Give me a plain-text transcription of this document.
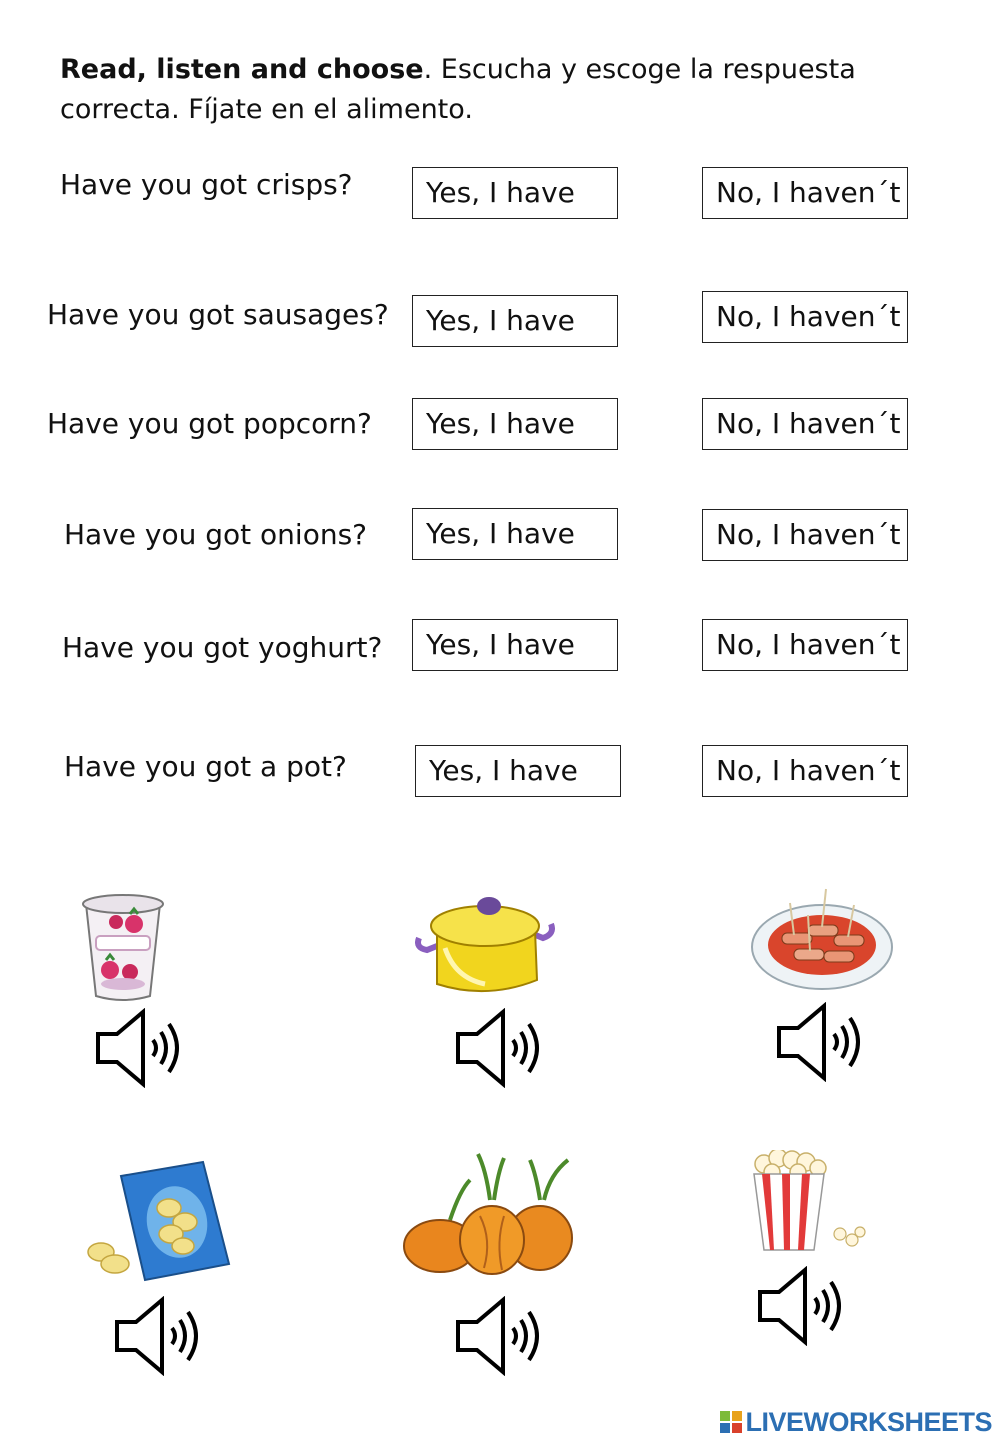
Read, listen and choose. Escucha y escoge la respuesta correcta. Fíjate en el alimento.
Have you got crisps?	Yes, I have	No, I haven´t
Have you got sausages?	Yes, I have	No, I haven´t
Have you got popcorn?	Yes, I have	No, I haven´t
Have you got onions?	Yes, I have	No, I haven´t
Have you got yoghurt?	Yes, I have	No, I haven´t
Have you got a pot?	Yes, I have	No, I haven´t
LIVEWORKSHEETS
